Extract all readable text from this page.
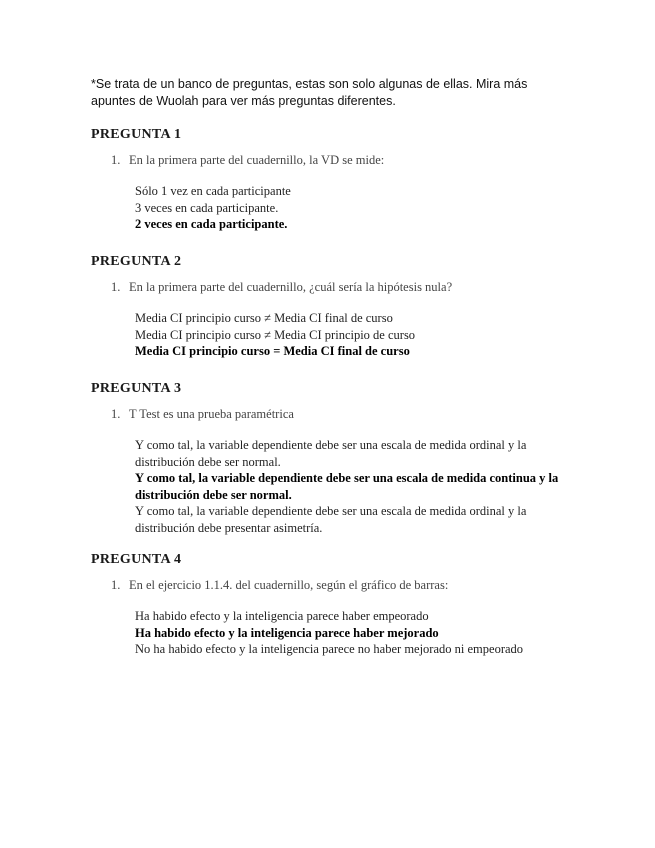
*Se trata de un banco de preguntas, estas son solo algunas de ellas. Mira más apuntes de Wuolah para ver más preguntas diferentes.
PREGUNTA 1
1. En la primera parte del cuadernillo, la VD se mide:
Sólo 1 vez en cada participante
3 veces en cada participante.
2 veces en cada participante.
PREGUNTA 2
1. En la primera parte del cuadernillo, ¿cuál sería la hipótesis nula?
Media CI principio curso ≠ Media CI final de curso
Media CI principio curso ≠ Media CI principio de curso
Media CI principio curso = Media CI final de curso
PREGUNTA 3
1. T Test es una prueba paramétrica
Y como tal, la variable dependiente debe ser una escala de medida ordinal y la distribución debe ser normal.
Y como tal, la variable dependiente debe ser una escala de medida continua y la distribución debe ser normal.
Y como tal, la variable dependiente debe ser una escala de medida ordinal y la distribución debe presentar asimetría.
PREGUNTA 4
1. En el ejercicio 1.1.4. del cuadernillo, según el gráfico de barras:
Ha habido efecto y la inteligencia parece haber empeorado
Ha habido efecto y la inteligencia parece haber mejorado
No ha habido efecto y la inteligencia parece no haber mejorado ni empeorado
